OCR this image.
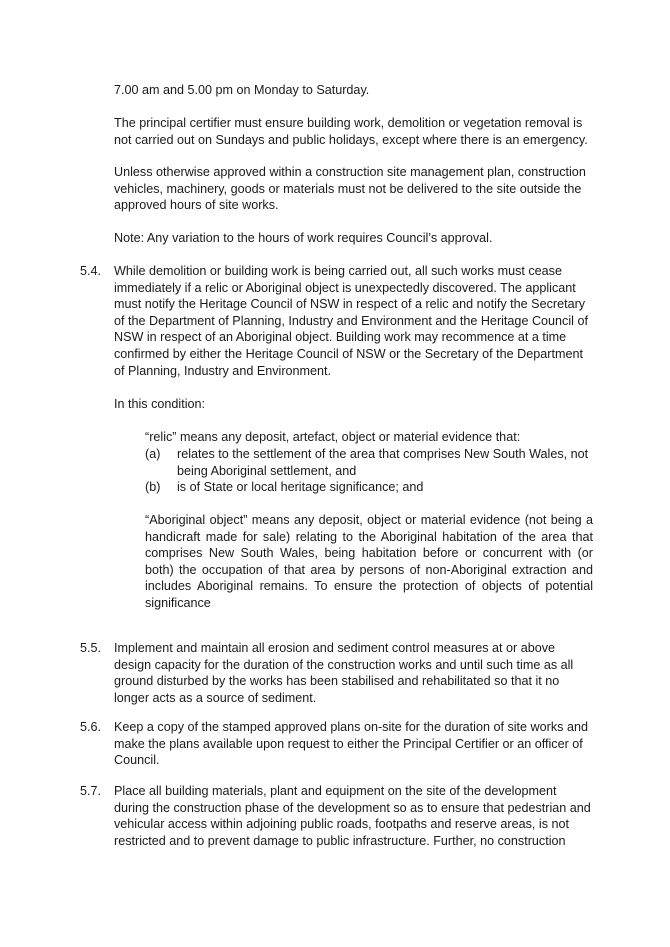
7.00 am and 5.00 pm on Monday to Saturday.

The principal certifier must ensure building work, demolition or vegetation removal is not carried out on Sundays and public holidays, except where there is an emergency.

Unless otherwise approved within a construction site management plan, construction vehicles, machinery, goods or materials must not be delivered to the site outside the approved hours of site works.

Note: Any variation to the hours of work requires Council’s approval.

5.4. While demolition or building work is being carried out, all such works must cease immediately if a relic or Aboriginal object is unexpectedly discovered. The applicant must notify the Heritage Council of NSW in respect of a relic and notify the Secretary of the Department of Planning, Industry and Environment and the Heritage Council of NSW in respect of an Aboriginal object. Building work may recommence at a time confirmed by either the Heritage Council of NSW or the Secretary of the Department of Planning, Industry and Environment.

In this condition:

“relic” means any deposit, artefact, object or material evidence that:

(a) relates to the settlement of the area that comprises New South Wales, not being Aboriginal settlement, and

(b) is of State or local heritage significance; and

“Aboriginal object” means any deposit, object or material evidence (not being a handicraft made for sale) relating to the Aboriginal habitation of the area that comprises New South Wales, being habitation before or concurrent with (or both) the occupation of that area by persons of non-Aboriginal extraction and includes Aboriginal remains. To ensure the protection of objects of potential significance

5.5. Implement and maintain all erosion and sediment control measures at or above design capacity for the duration of the construction works and until such time as all ground disturbed by the works has been stabilised and rehabilitated so that it no longer acts as a source of sediment.

5.6. Keep a copy of the stamped approved plans on-site for the duration of site works and make the plans available upon request to either the Principal Certifier or an officer of Council.

5.7. Place all building materials, plant and equipment on the site of the development during the construction phase of the development so as to ensure that pedestrian and vehicular access within adjoining public roads, footpaths and reserve areas, is not restricted and to prevent damage to public infrastructure. Further, no construction
